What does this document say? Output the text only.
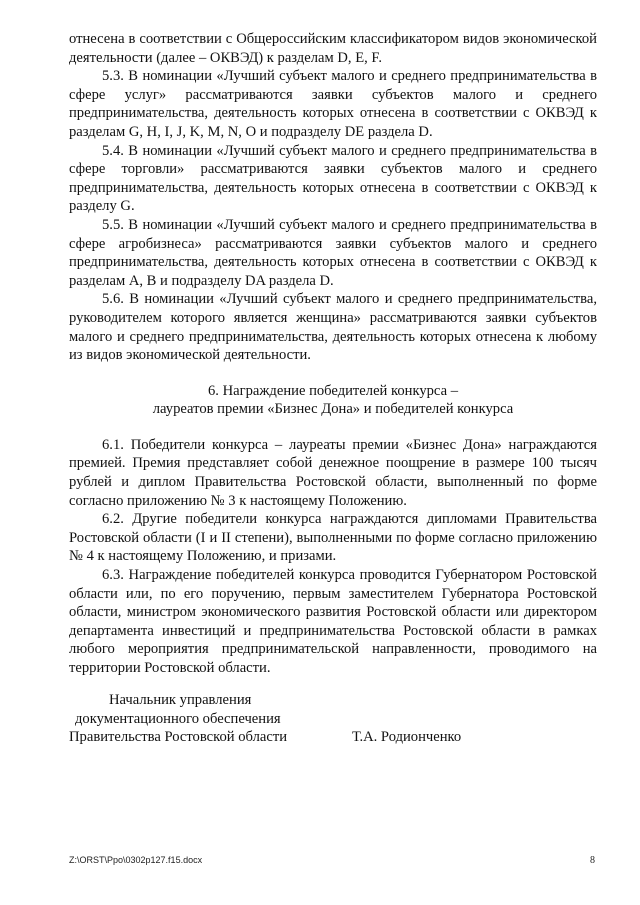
отнесена в соответствии с Общероссийским классификатором видов экономической деятельности (далее – ОКВЭД) к разделам D, E, F.

5.3. В номинации «Лучший субъект малого и среднего предпринимательства в сфере услуг» рассматриваются заявки субъектов малого и среднего предпринимательства, деятельность которых отнесена в соответствии с ОКВЭД к разделам G, H, I, J, K, M, N, O и подразделу DE раздела D.

5.4. В номинации «Лучший субъект малого и среднего предпринимательства в сфере торговли» рассматриваются заявки субъектов малого и среднего предпринимательства, деятельность которых отнесена в соответствии с ОКВЭД к разделу G.

5.5. В номинации «Лучший субъект малого и среднего предпринимательства в сфере агробизнеса» рассматриваются заявки субъектов малого и среднего предпринимательства, деятельность которых отнесена в соответствии с ОКВЭД к разделам A, B и подразделу DA раздела D.

5.6. В номинации «Лучший субъект малого и среднего предпринимательства, руководителем которого является женщина» рассматриваются заявки субъектов малого и среднего предпринимательства, деятельность которых отнесена к любому из видов экономической деятельности.

6. Награждение победителей конкурса –

лауреатов премии «Бизнес Дона» и победителей конкурса

6.1. Победители конкурса – лауреаты премии «Бизнес Дона» награждаются премией. Премия представляет собой денежное поощрение в размере 100 тысяч рублей и диплом Правительства Ростовской области, выполненный по форме согласно приложению № 3 к настоящему Положению.

6.2. Другие победители конкурса награждаются дипломами Правительства Ростовской области (I и II степени), выполненными по форме согласно приложению № 4 к настоящему Положению, и призами.

6.3. Награждение победителей конкурса проводится Губернатором Ростовской области или, по его поручению, первым заместителем Губернатора Ростовской области, министром экономического развития Ростовской области или директором департамента инвестиций и предпринимательства Ростовской области в рамках любого мероприятия предпринимательской направленности, проводимого на территории Ростовской области.

Начальник управления
документационного обеспечения
Правительства Ростовской области	Т.А. Родионченко
Z:\ORST\Ppo\0302p127.f15.docx	8
